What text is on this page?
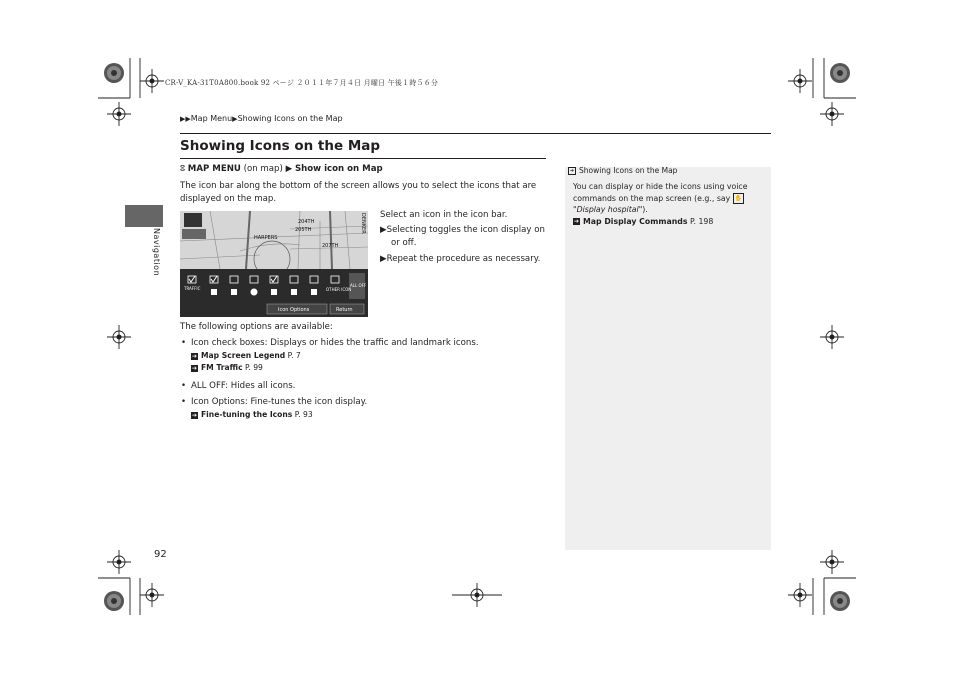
CR-V_KA-31T0A800.book 92 ページ ２０１１年７月４日 月曜日 午後１時５６分
▶▶Map Menu▶Showing Icons on the Map
Showing Icons on the Map
Navigation
ⵓ MAP MENU (on map) ▶ Show icon on Map
The icon bar along the bottom of the screen allows you to select the icons that are displayed on the map.
204TH
205TH
207TH
HARPERS
DENKER
TRAFFIC	OTHER ICON
ALL OFF
Icon Options	Return
Select an icon in the icon bar.
▶Selecting toggles the icon display on or off.
▶Repeat the procedure as necessary.
The following options are available:
• Icon check boxes: Displays or hides the traffic and landmark icons.
➔ Map Screen Legend P. 7
➔ FM Traffic P. 99
• ALL OFF: Hides all icons.
• Icon Options: Fine-tunes the icon display.
➔ Fine-tuning the Icons P. 93
➔ Showing Icons on the Map
You can display or hide the icons using voice commands on the map screen (e.g., say ✋
"Display hospital").
➔ Map Display Commands P. 198
92
